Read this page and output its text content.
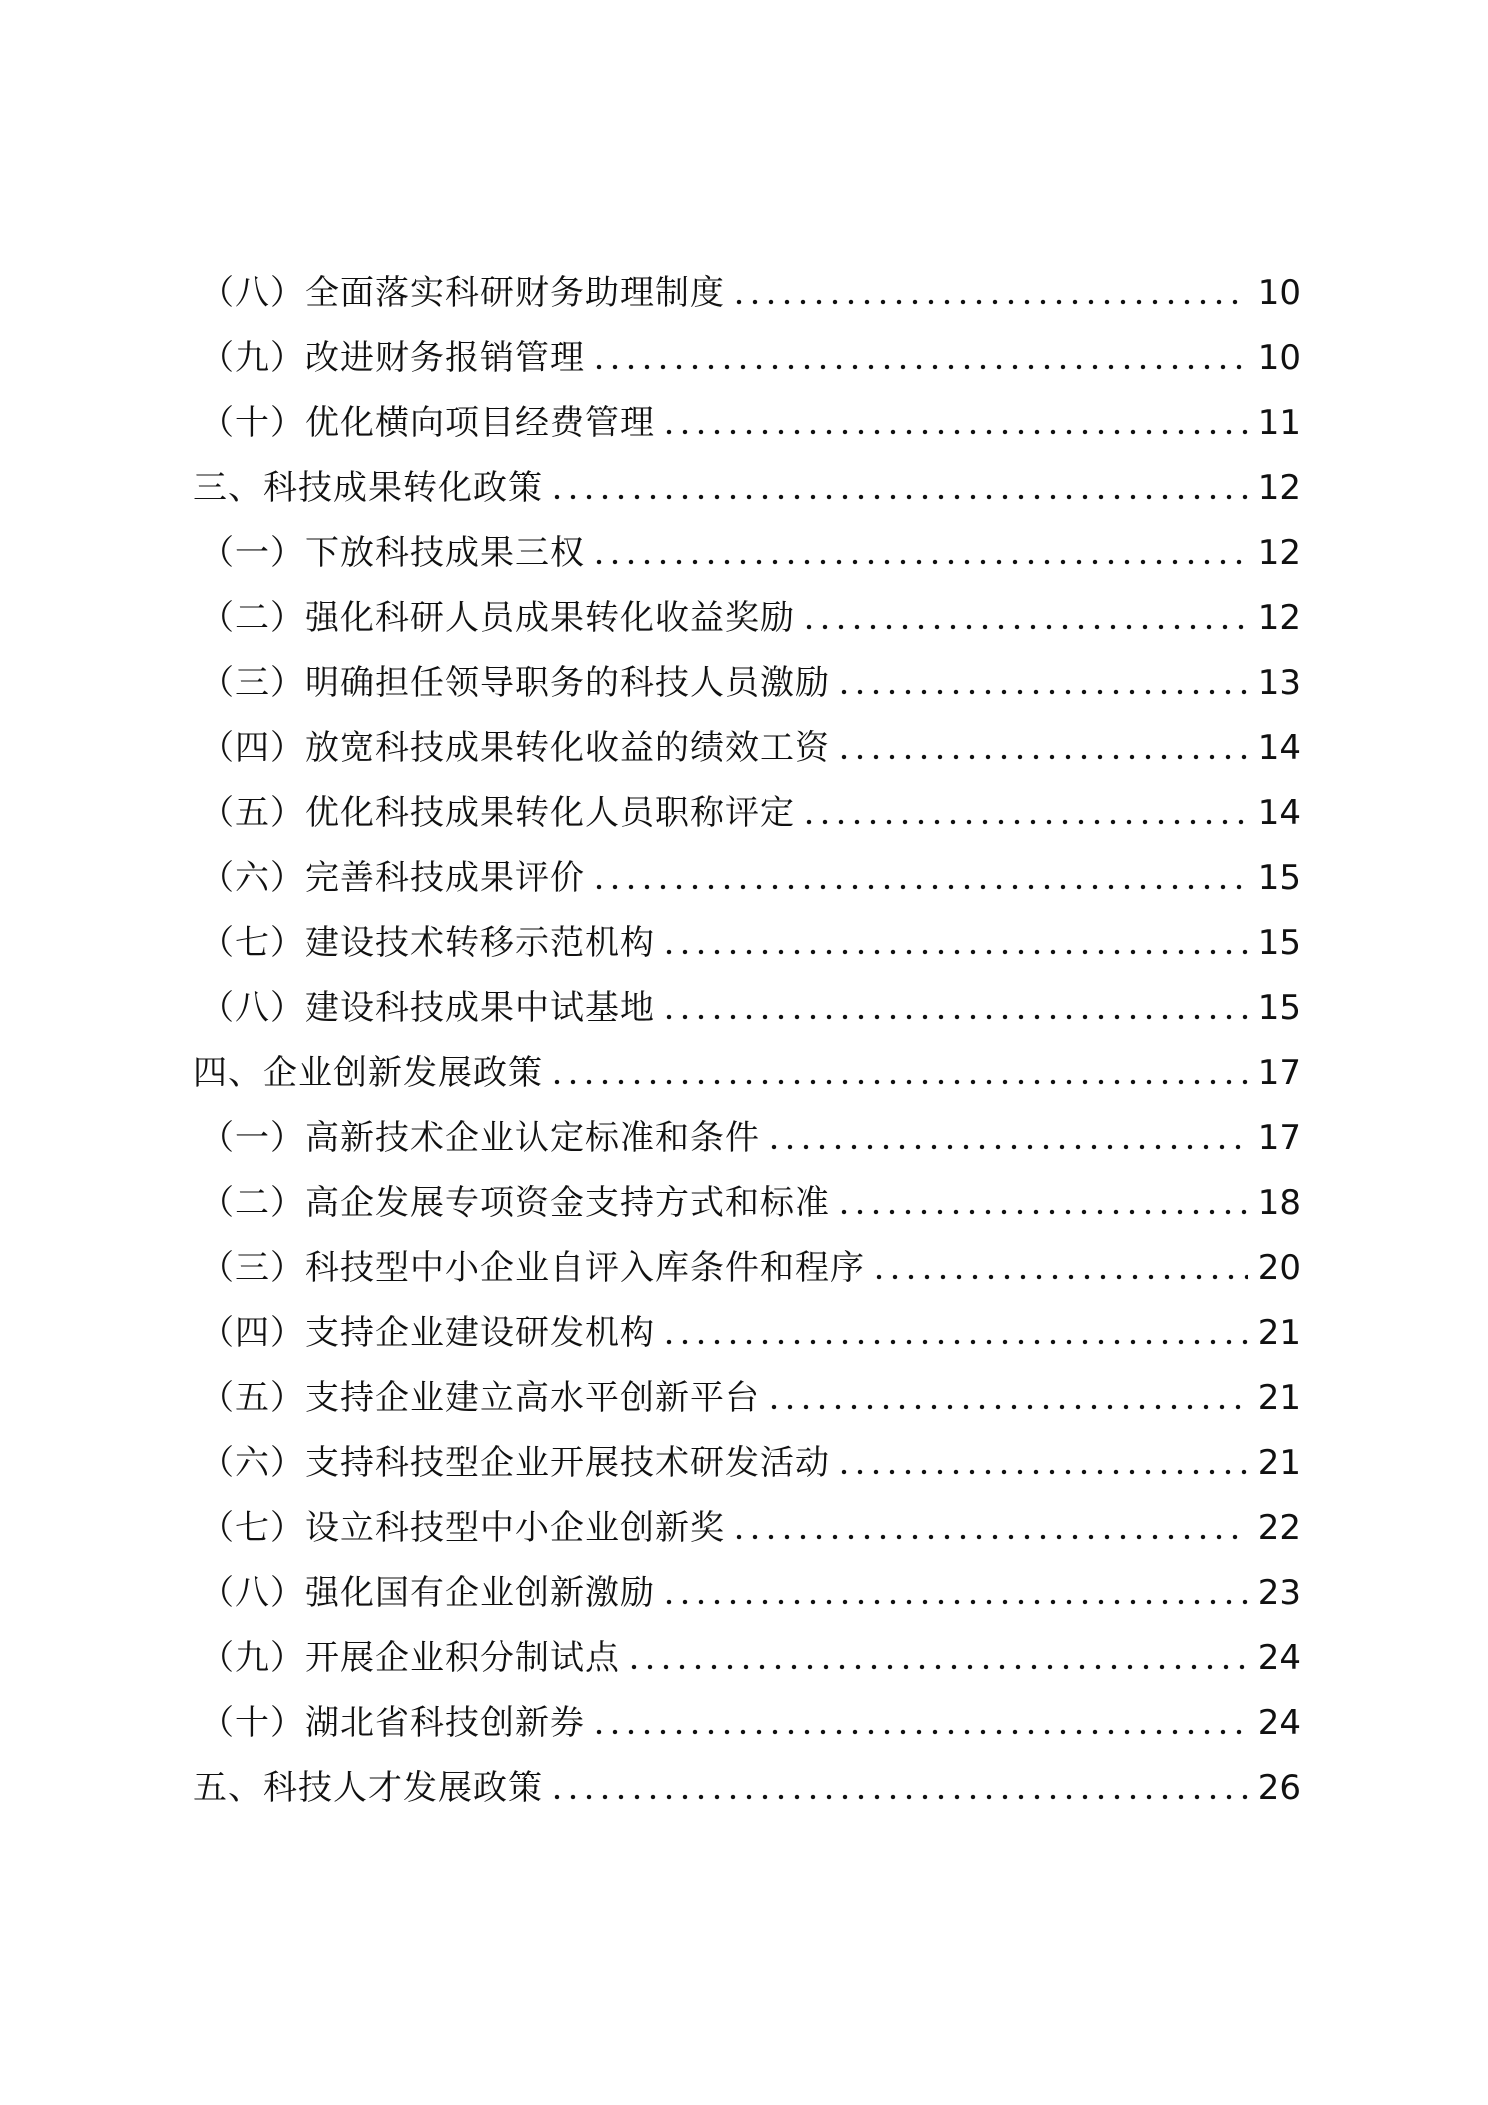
（八）全面落实科研财务助理制度	10
（九）改进财务报销管理	10
（十）优化横向项目经费管理	11
三、科技成果转化政策	12
（一）下放科技成果三权	12
（二）强化科研人员成果转化收益奖励	12
（三）明确担任领导职务的科技人员激励	13
（四）放宽科技成果转化收益的绩效工资	14
（五）优化科技成果转化人员职称评定	14
（六）完善科技成果评价	15
（七）建设技术转移示范机构	15
（八）建设科技成果中试基地	15
四、企业创新发展政策	17
（一）高新技术企业认定标准和条件	17
（二）高企发展专项资金支持方式和标准	18
（三）科技型中小企业自评入库条件和程序	20
（四）支持企业建设研发机构	21
（五）支持企业建立高水平创新平台	21
（六）支持科技型企业开展技术研发活动	21
（七）设立科技型中小企业创新奖	22
（八）强化国有企业创新激励	23
（九）开展企业积分制试点	24
（十）湖北省科技创新券	24
五、科技人才发展政策	26
